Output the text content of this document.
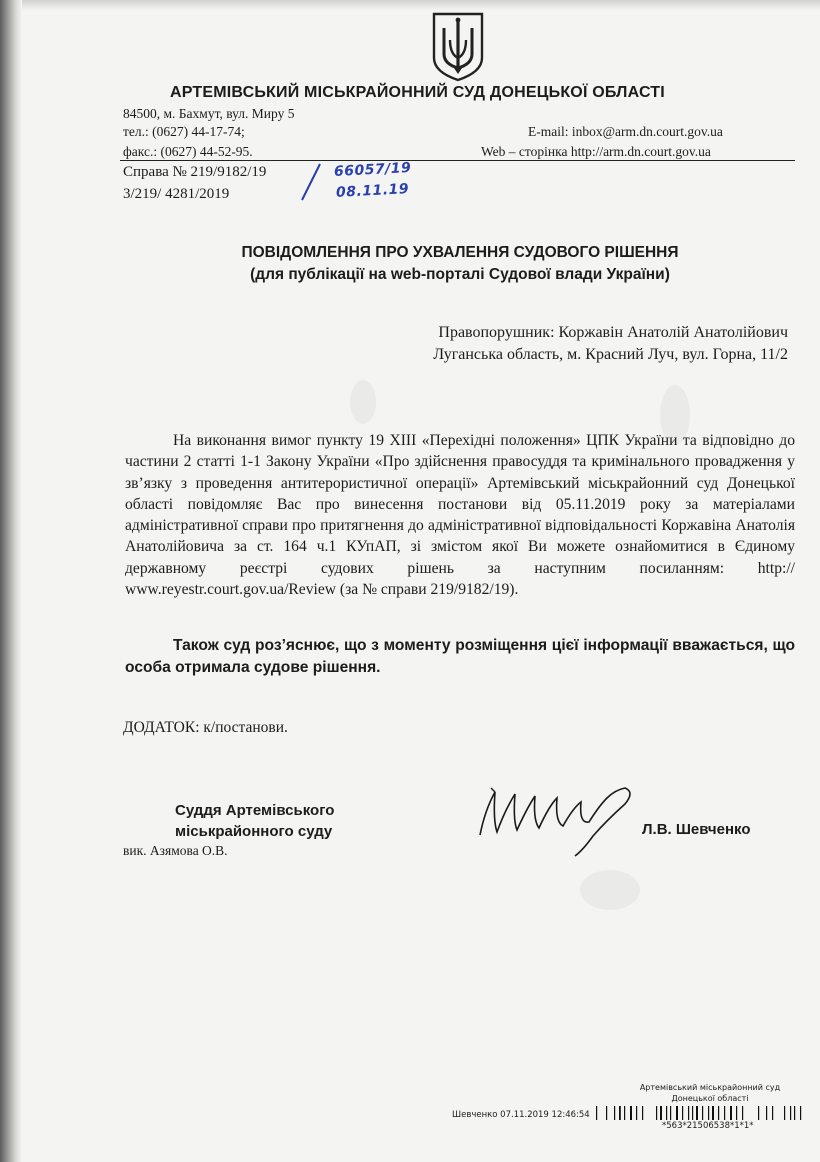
АРТЕМІВСЬКИЙ МІСЬКРАЙОННИЙ СУД ДОНЕЦЬКОЇ ОБЛАСТІ
84500, м. Бахмут, вул. Миру 5
тел.: (0627) 44-17-74;
факс.: (0627) 44-52-95.
E-mail: inbox@arm.dn.court.gov.ua
Web – сторінка http://arm.dn.court.gov.ua
Справа № 219/9182/19
3/219/ 4281/2019
66057/19
08.11.19
ПОВІДОМЛЕННЯ ПРО УХВАЛЕННЯ СУДОВОГО РІШЕННЯ
(для публікації на web-порталі Судової влади України)
Правопорушник: Коржавін Анатолій Анатолійович
Луганська область, м. Красний Луч, вул. Горна, 11/2
На виконання вимог пункту 19 ХІІІ «Перехідні положення» ЦПК України та відповідно до частини 2 статті 1-1 Закону України «Про здійснення правосуддя та кримінального провадження у зв’язку з проведення антитерористичної операції» Артемівський міськрайонний суд Донецької області повідомляє Вас про винесення постанови від 05.11.2019 року за матеріалами адміністративної справи про притягнення до адміністративної відповідальності Коржавіна Анатолія Анатолійовича за ст. 164 ч.1 КУпАП, зі змістом якої Ви можете ознайомитися в Єдиному державному реєстрі судових рішень за наступним посиланням: http:// www.reyestr.court.gov.ua/Review (за № справи 219/9182/19).
Також суд роз’яснює, що з моменту розміщення цієї інформації вважається, що особа отримала судове рішення.
ДОДАТОК: к/постанови.
Суддя Артемівського
міськрайонного суду
вик. Азямова О.В.
Л.В. Шевченко
Артемівський міськрайонний суд
Донецької області
Шевченко 07.11.2019 12:46:54
*563*21506538*1*1*
